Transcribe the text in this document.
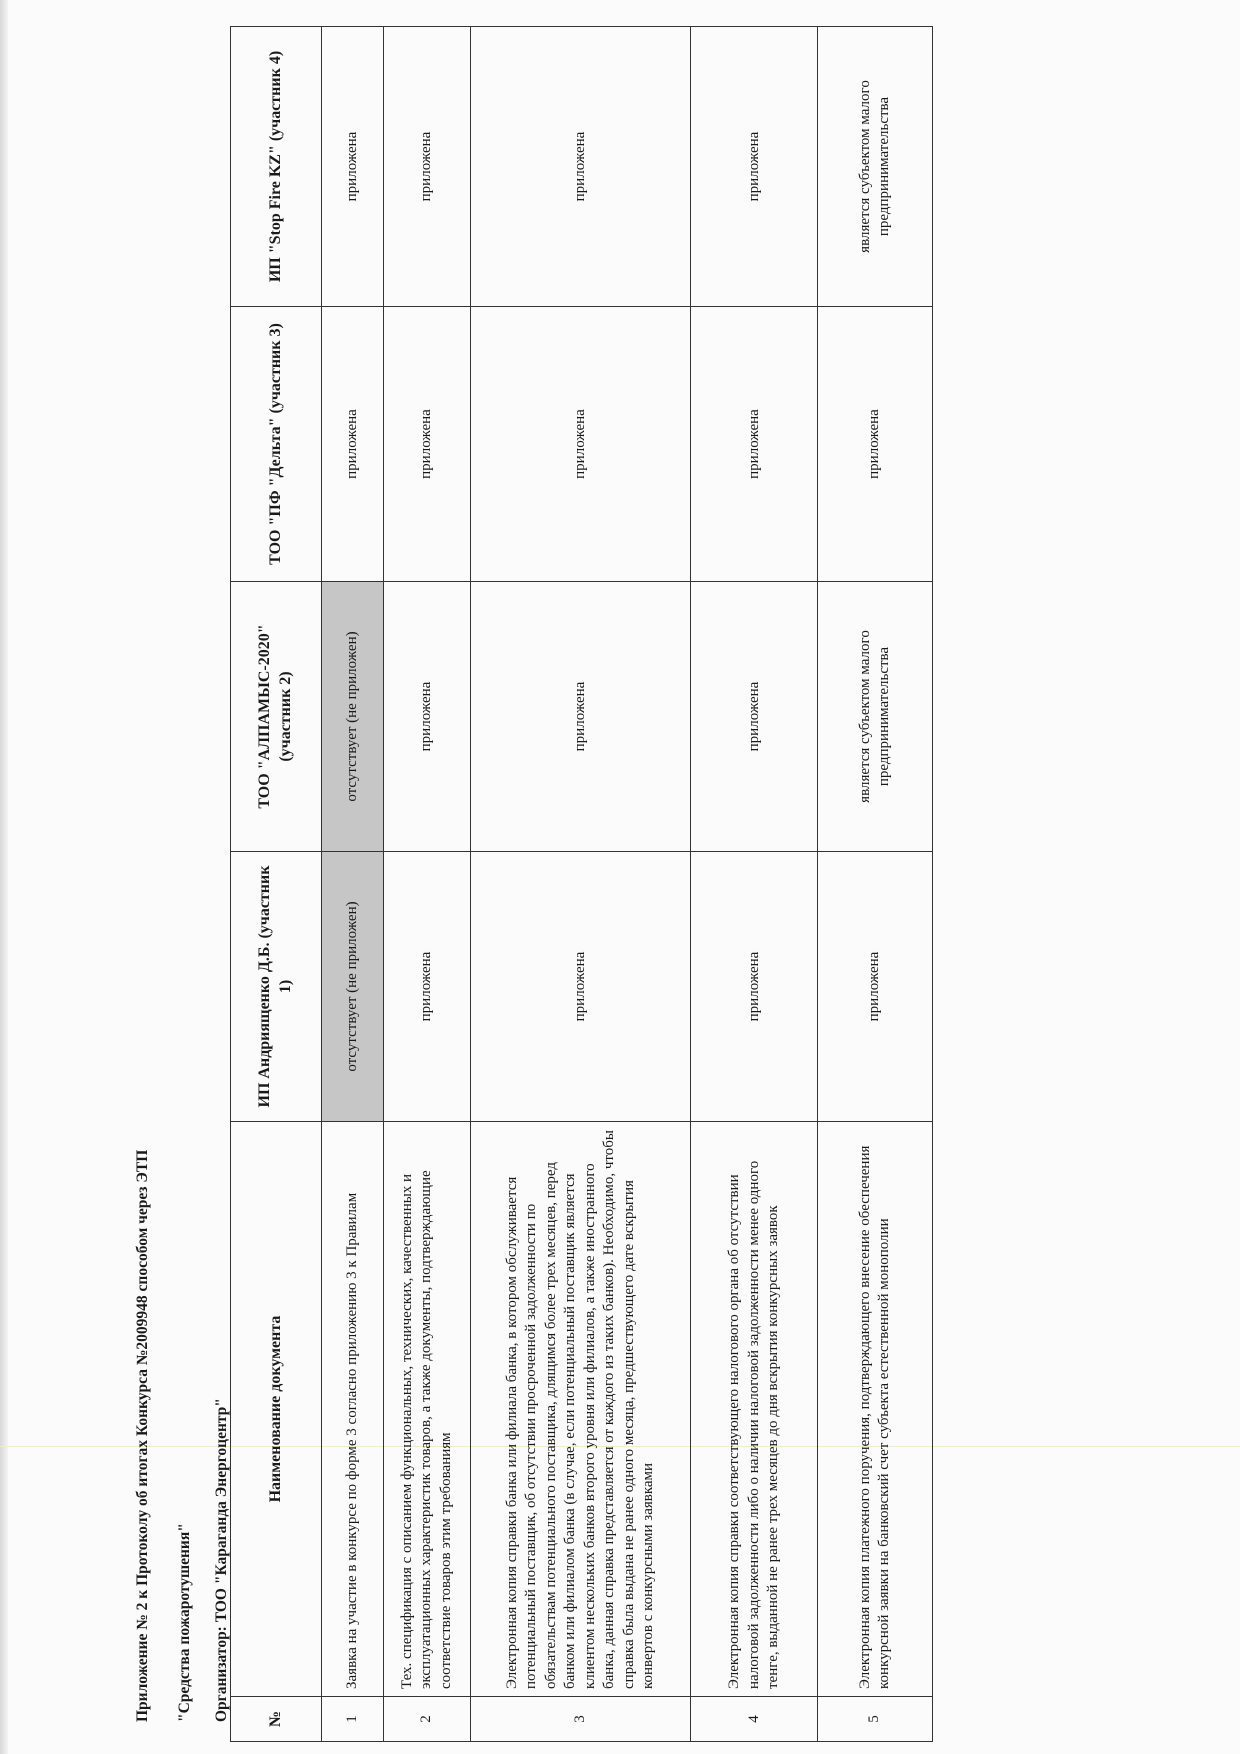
Приложение № 2 к Протоколу об итогах Конкурса №2009948 способом через ЭТП "Средства пожаротушения" Организатор: ТОО "Караганда Энергоцентр" №	Наименование документа	ИП Андриященко Д.Б. (участник 1)	ТОО "АЛПАМЫС-2020" (участник 2)	ТОО "ПФ "Дельта" (участник 3)	ИП "Stop Fire KZ" (участник 4)
1	Заявка на участие в конкурсе по форме 3 согласно приложению 3 к Правилам	отсутствует (не приложен)	отсутствует (не приложен)	приложена	приложена
2	Тех. спецификация с описанием функциональных, технических, качественных и эксплуатационных характеристик товаров, а также документы, подтверждающие соответствие товаров этим требованиям	приложена	приложена	приложена	приложена
3	Электронная копия справки банка или филиала банка, в котором обслуживается потенциальный поставщик, об отсутствии просроченной задолженности по обязательствам потенциального поставщика, длящимся более трех месяцев, перед банком или филиалом банка (в случае, если потенциальный поставщик является клиентом нескольких банков второго уровня или филиалов, а также иностранного банка, данная справка представляется от каждого из таких банков). Необходимо, чтобы справка была выдана не ранее одного месяца, предшествующего дате вскрытия конвертов с конкурсными заявками	приложена	приложена	приложена	приложена
4	Электронная копия справки соответствующего налогового органа об отсутствии налоговой задолженности либо о наличии налоговой задолженности менее одного тенге, выданной не ранее трех месяцев до дня вскрытия конкурсных заявок	приложена	приложена	приложена	приложена
5	Электронная копия платежного поручения, подтверждающего внесение обеспечения конкурсной заявки на банковский счет субъекта естественной монополии	приложена	является субъектом малого предпринимательства	приложена	является субъектом малого предпринимательства
